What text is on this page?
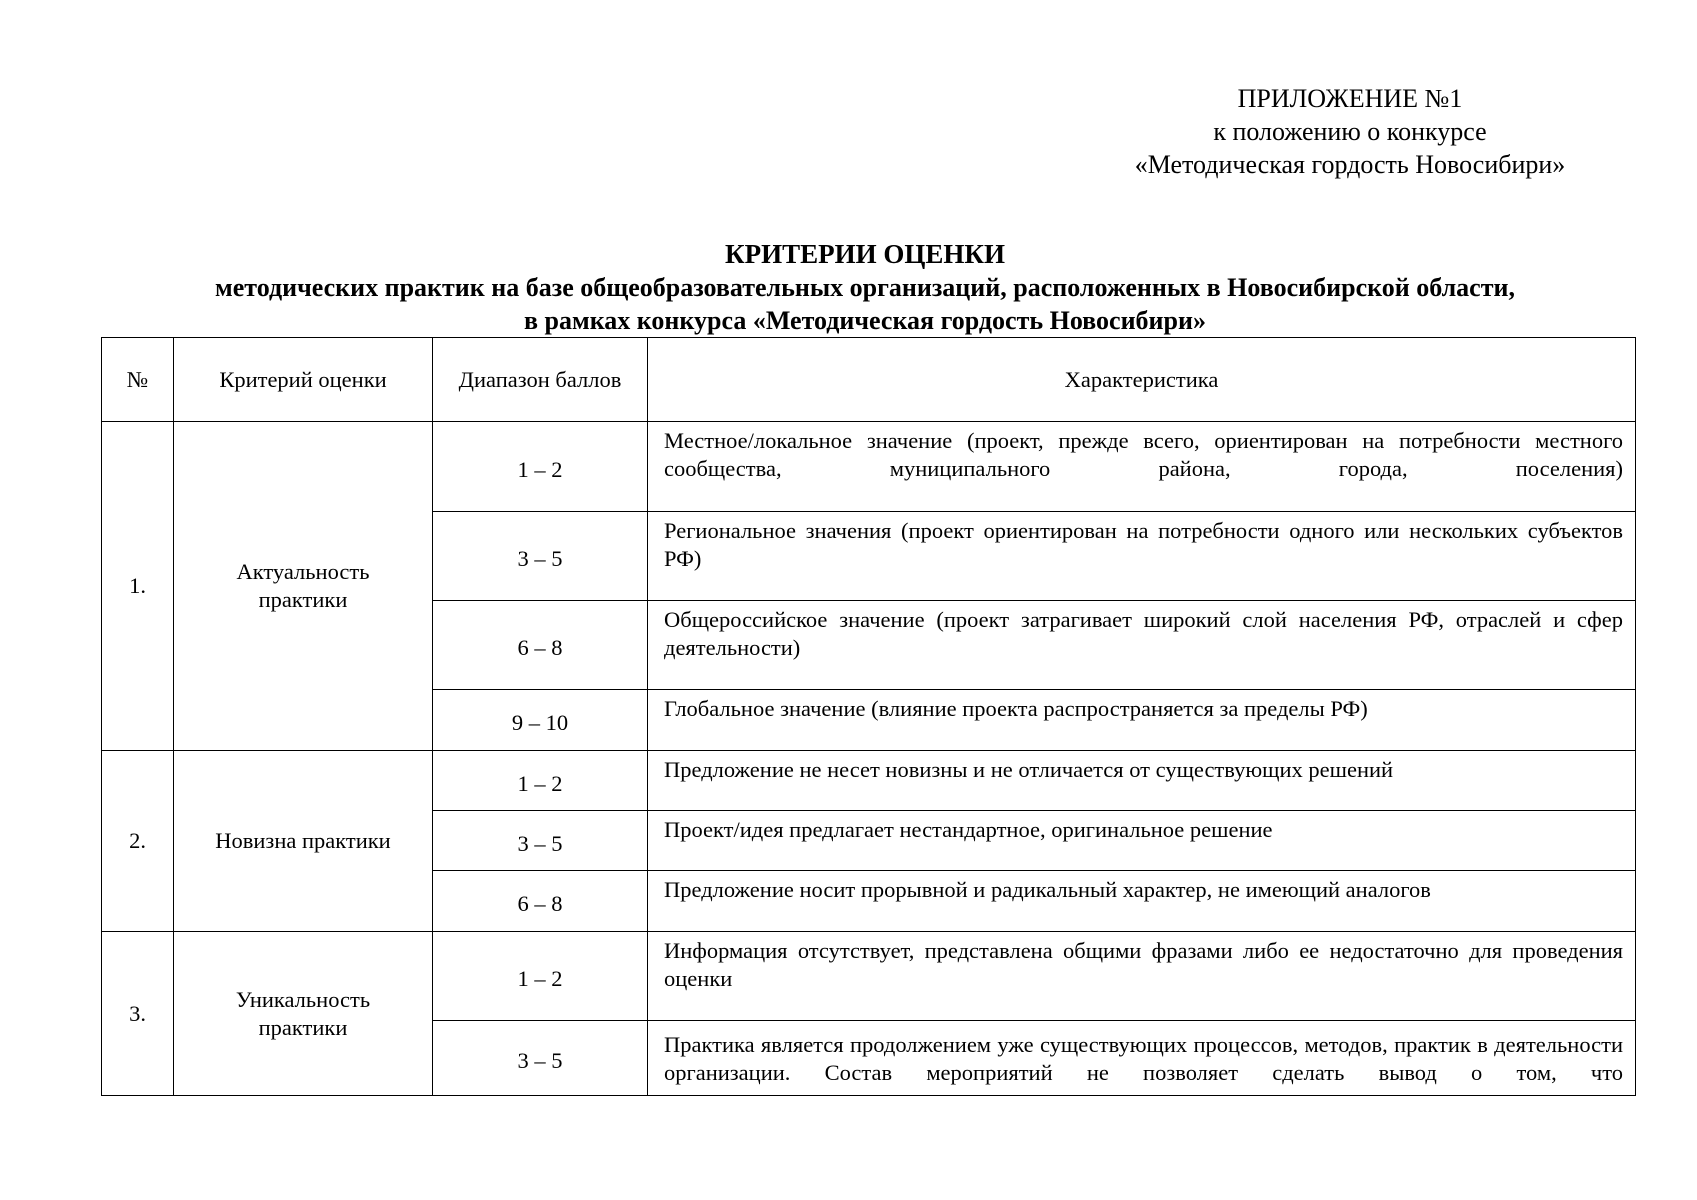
ПРИЛОЖЕНИЕ №1
к положению о конкурсе
«Методическая гордость Новосибири»
КРИТЕРИИ ОЦЕНКИ
методических практик на базе общеобразовательных организаций, расположенных в Новосибирской области,
в рамках конкурса «Методическая гордость Новосибири»
№	Критерий оценки	Диапазон баллов	Характеристика
1.	Актуальность практики	1 – 2	Местное/локальное значение (проект, прежде всего, ориентирован на потребности местного сообщества, муниципального района, города, поселения)
		3 – 5	Региональное значения (проект ориентирован на потребности одного или нескольких субъектов РФ)
		6 – 8	Общероссийское значение (проект затрагивает широкий слой населения РФ, отраслей и сфер деятельности)
		9 – 10	Глобальное значение (влияние проекта распространяется за пределы РФ)
2.	Новизна практики	1 – 2	Предложение не несет новизны и не отличается от существующих решений
		3 – 5	Проект/идея предлагает нестандартное, оригинальное решение
		6 – 8	Предложение носит прорывной и радикальный характер, не имеющий аналогов
3.	Уникальность практики	1 – 2	Информация отсутствует, представлена общими фразами либо ее недостаточно для проведения оценки
		3 – 5	Практика является продолжением уже существующих процессов, методов, практик в деятельности организации. Состав мероприятий не позволяет сделать вывод о том, что
